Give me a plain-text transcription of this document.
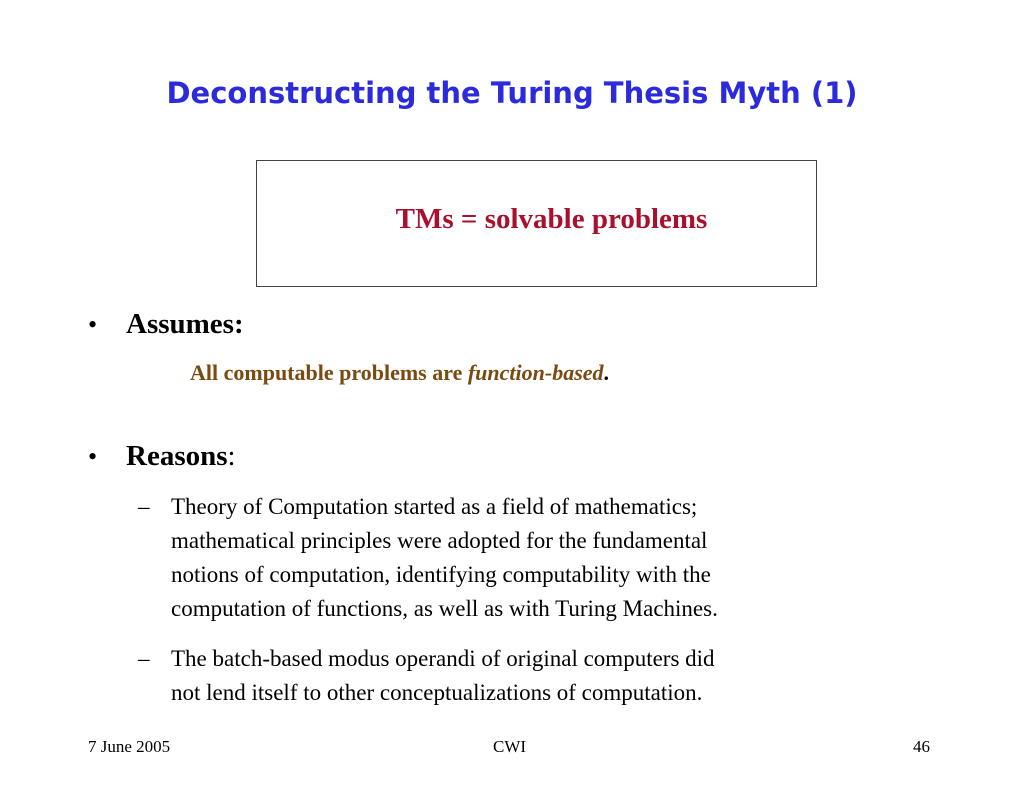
Deconstructing the Turing Thesis Myth (1)
TMs = solvable problems
• Assumes:
All computable problems are function-based.
• Reasons:
– Theory of Computation started as a field of mathematics;
mathematical principles were adopted for the fundamental
notions of computation, identifying computability with the
computation of functions, as well as with Turing Machines.
– The batch-based modus operandi of original computers did
not lend itself to other conceptualizations of computation.
7 June 2005	CWI	46
